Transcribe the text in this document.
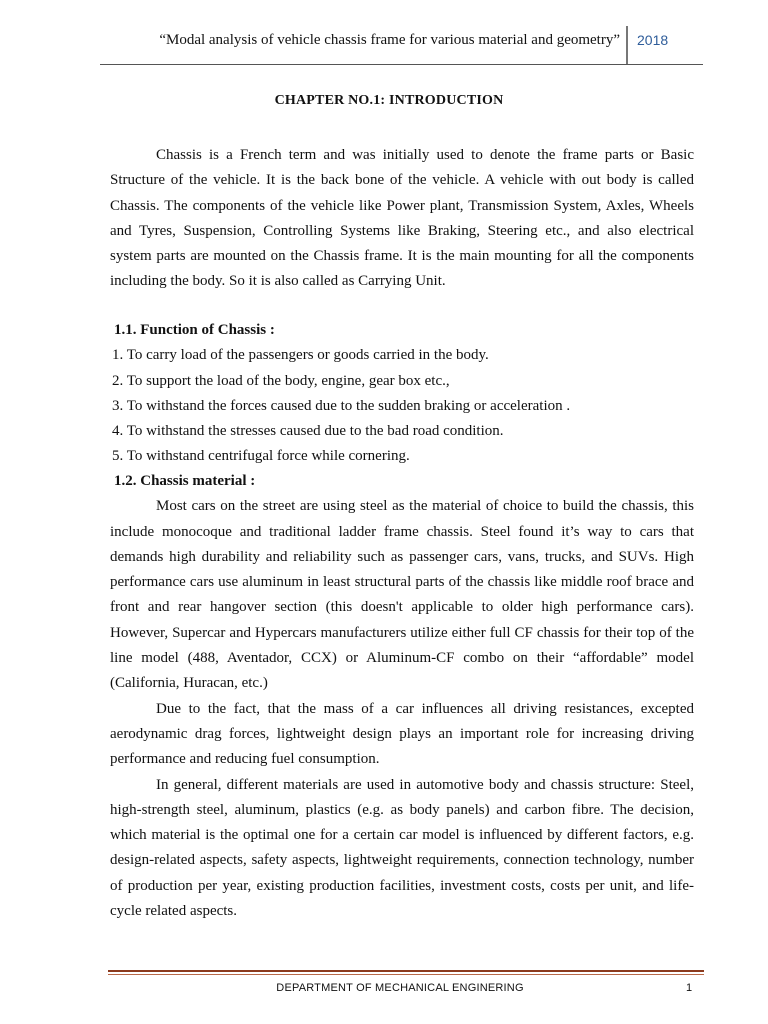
“Modal analysis of vehicle chassis frame for various material and geometry” 2018
CHAPTER NO.1: INTRODUCTION

Chassis is a French term and was initially used to denote the frame parts or Basic Structure of the vehicle. It is the back bone of the vehicle. A vehicle with out body is called Chassis. The components of the vehicle like Power plant, Transmission System, Axles, Wheels and Tyres, Suspension, Controlling Systems like Braking, Steering etc., and also electrical system parts are mounted on the Chassis frame. It is the main mounting for all the components including the body. So it is also called as Carrying Unit.

1.1. Function of Chassis :
1. To carry load of the passengers or goods carried in the body.
2. To support the load of the body, engine, gear box etc.,
3. To withstand the forces caused due to the sudden braking or acceleration .
4. To withstand the stresses caused due to the bad road condition.
5. To withstand centrifugal force while cornering.
1.2. Chassis material :

Most cars on the street are using steel as the material of choice to build the chassis, this include monocoque and traditional ladder frame chassis. Steel found it’s way to cars that demands high durability and reliability such as passenger cars, vans, trucks, and SUVs. High performance cars use aluminum in least structural parts of the chassis like middle roof brace and front and rear hangover section (this doesn't applicable to older high performance cars). However, Supercar and Hypercars manufacturers utilize either full CF chassis for their top of the line model (488, Aventador, CCX) or Aluminum-CF combo on their “affordable” model (California, Huracan, etc.)

Due to the fact, that the mass of a car influences all driving resistances, excepted aerodynamic drag forces, lightweight design plays an important role for increasing driving performance and reducing fuel consumption.

In general, different materials are used in automotive body and chassis structure: Steel, high-strength steel, aluminum, plastics (e.g. as body panels) and carbon fibre. The decision, which material is the optimal one for a certain car model is influenced by different factors, e.g. design-related aspects, safety aspects, lightweight requirements, connection technology, number of production per year, existing production facilities, investment costs, costs per unit, and life-cycle related aspects.

DEPARTMENT OF MECHANICAL ENGINERING	1
